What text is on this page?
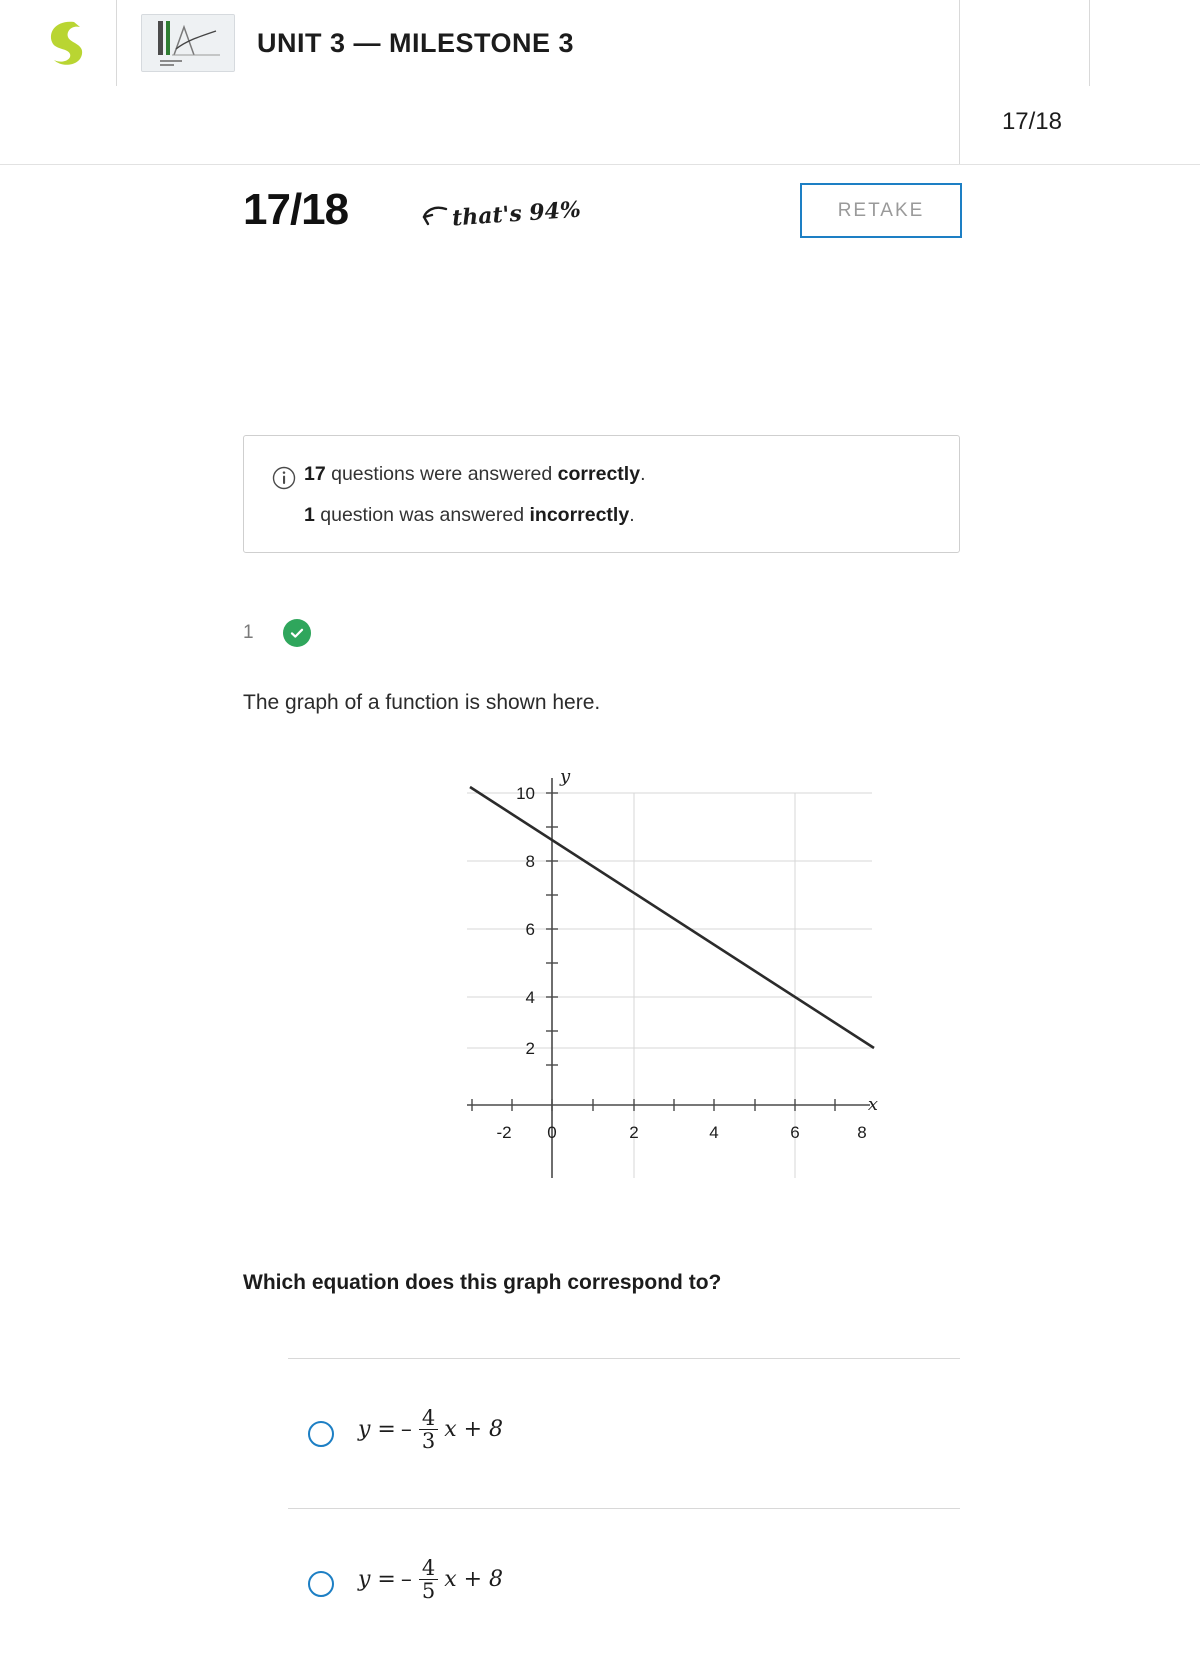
UNIT 3 — MILESTONE 3
17/18
17/18	that's 94%	RETAKE
17 questions were answered correctly.
1 question was answered incorrectly.
1
The graph of a function is shown here.
-2 0	2	4	6	8
10
8
6
4
2
y
x
Which equation does this graph correspond to?
y = – $\frac{4}{3}$ x + 8
y = – $\frac{4}{5}$ x + 8
